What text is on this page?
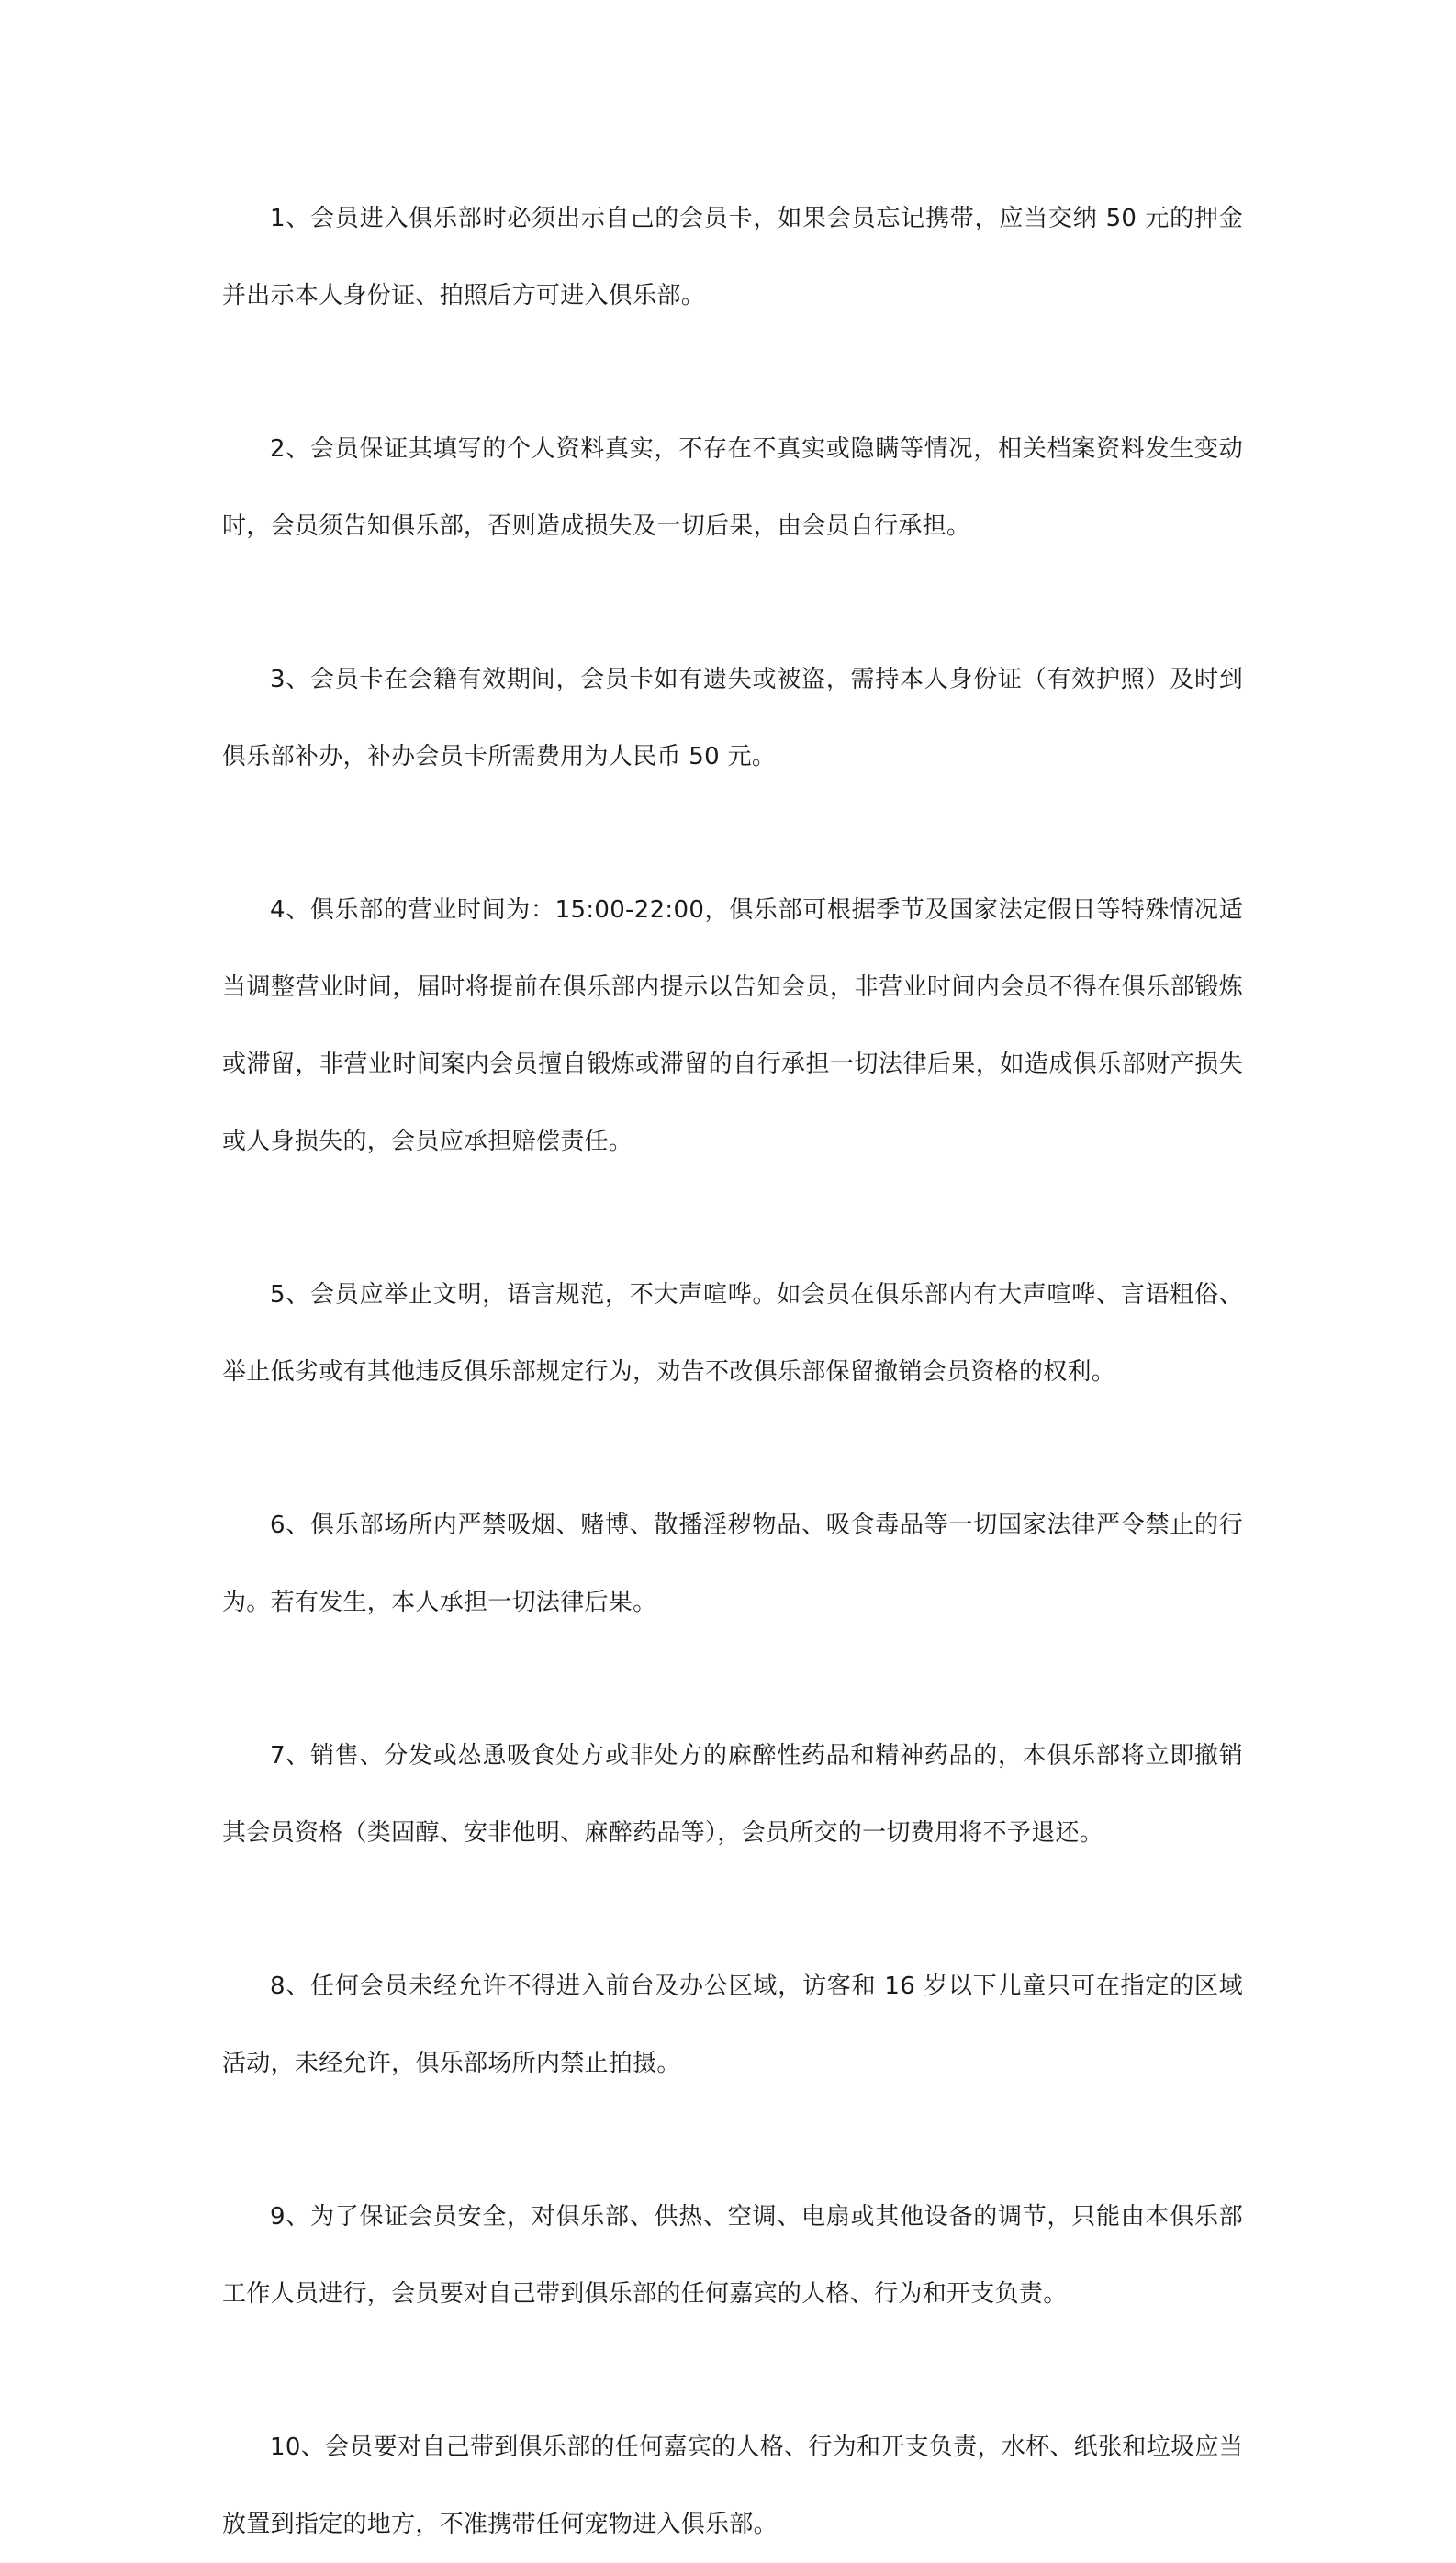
1、会员进入俱乐部时必须出示自己的会员卡，如果会员忘记携带，应当交纳 50 元的押金并出示本人身份证、拍照后方可进入俱乐部。

2、会员保证其填写的个人资料真实，不存在不真实或隐瞒等情况，相关档案资料发生变动时，会员须告知俱乐部，否则造成损失及一切后果，由会员自行承担。

3、会员卡在会籍有效期间，会员卡如有遗失或被盗，需持本人身份证（有效护照）及时到俱乐部补办，补办会员卡所需费用为人民币 50 元。

4、俱乐部的营业时间为：15:00-22:00，俱乐部可根据季节及国家法定假日等特殊情况适当调整营业时间，届时将提前在俱乐部内提示以告知会员，非营业时间内会员不得在俱乐部锻炼或滞留，非营业时间案内会员擅自锻炼或滞留的自行承担一切法律后果，如造成俱乐部财产损失或人身损失的，会员应承担赔偿责任。

5、会员应举止文明，语言规范，不大声喧哗。如会员在俱乐部内有大声喧哗、言语粗俗、举止低劣或有其他违反俱乐部规定行为，劝告不改俱乐部保留撤销会员资格的权利。

6、俱乐部场所内严禁吸烟、赌博、散播淫秽物品、吸食毒品等一切国家法律严令禁止的行为。若有发生，本人承担一切法律后果。

7、销售、分发或怂恿吸食处方或非处方的麻醉性药品和精神药品的，本俱乐部将立即撤销其会员资格（类固醇、安非他明、麻醉药品等），会员所交的一切费用将不予退还。

8、任何会员未经允许不得进入前台及办公区域，访客和 16 岁以下儿童只可在指定的区域活动，未经允许，俱乐部场所内禁止拍摄。

9、为了保证会员安全，对俱乐部、供热、空调、电扇或其他设备的调节，只能由本俱乐部工作人员进行，会员要对自己带到俱乐部的任何嘉宾的人格、行为和开支负责。

10、会员要对自己带到俱乐部的任何嘉宾的人格、行为和开支负责，水杯、纸张和垃圾应当放置到指定的地方，不准携带任何宠物进入俱乐部。
